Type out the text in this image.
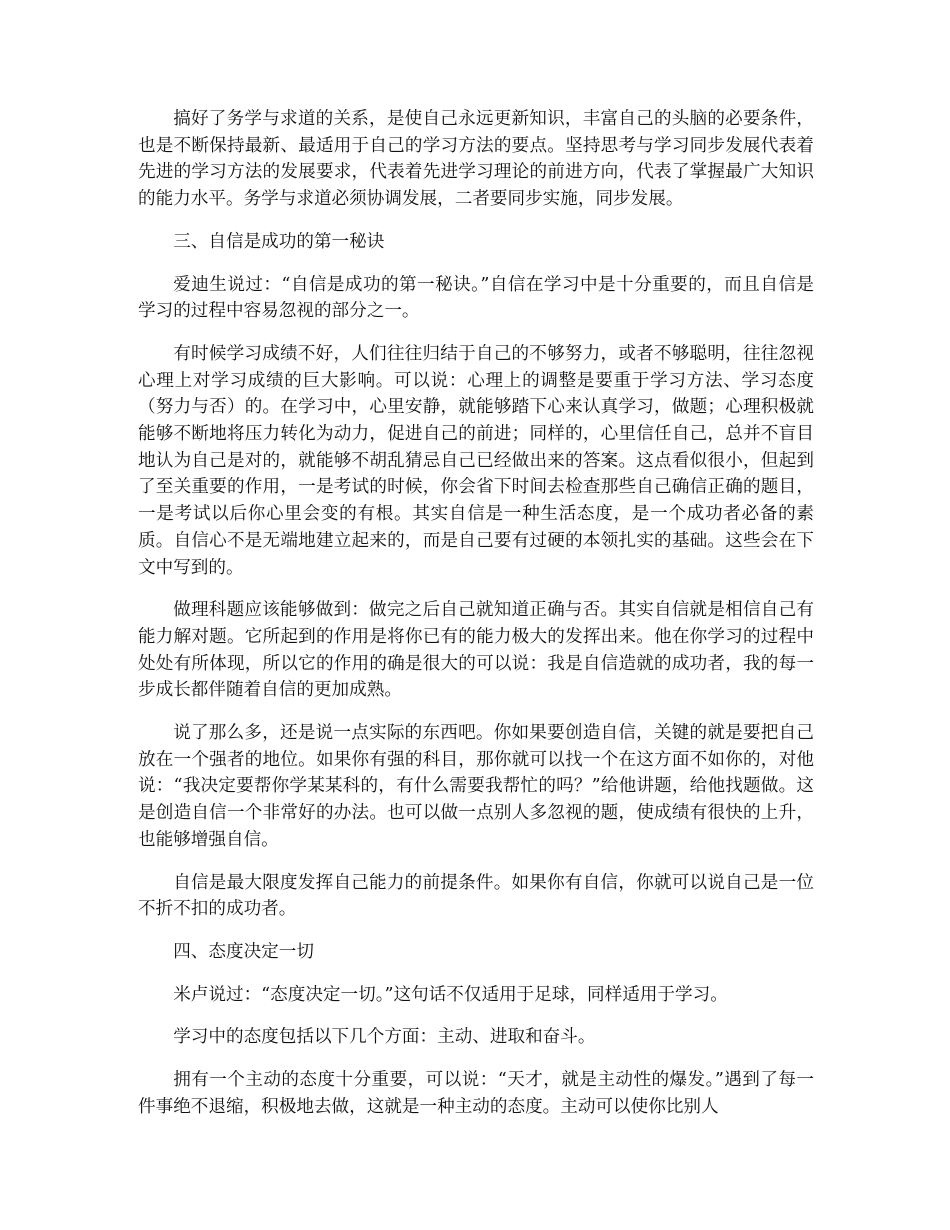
搞好了务学与求道的关系，是使自己永远更新知识，丰富自己的头脑的必要条件，也是不断保持最新、最适用于自己的学习方法的要点。坚持思考与学习同步发展代表着先进的学习方法的发展要求，代表着先进学习理论的前进方向，代表了掌握最广大知识的能力水平。务学与求道必须协调发展，二者要同步实施，同步发展。

三、自信是成功的第一秘诀

爱迪生说过：“自信是成功的第一秘诀。”自信在学习中是十分重要的，而且自信是学习的过程中容易忽视的部分之一。

有时候学习成绩不好，人们往往归结于自己的不够努力，或者不够聪明，往往忽视心理上对学习成绩的巨大影响。可以说：心理上的调整是要重于学习方法、学习态度（努力与否）的。在学习中，心里安静，就能够踏下心来认真学习，做题；心理积极就能够不断地将压力转化为动力，促进自己的前进；同样的，心里信任自己，总并不盲目地认为自己是对的，就能够不胡乱猜忌自己已经做出来的答案。这点看似很小，但起到了至关重要的作用，一是考试的时候，你会省下时间去检查那些自己确信正确的题目，一是考试以后你心里会变的有根。其实自信是一种生活态度，是一个成功者必备的素质。自信心不是无端地建立起来的，而是自己要有过硬的本领扎实的基础。这些会在下文中写到的。

做理科题应该能够做到：做完之后自己就知道正确与否。其实自信就是相信自己有能力解对题。它所起到的作用是将你已有的能力极大的发挥出来。他在你学习的过程中处处有所体现，所以它的作用的确是很大的可以说：我是自信造就的成功者，我的每一步成长都伴随着自信的更加成熟。

说了那么多，还是说一点实际的东西吧。你如果要创造自信，关键的就是要把自己放在一个强者的地位。如果你有强的科目，那你就可以找一个在这方面不如你的，对他说：“我决定要帮你学某某科的，有什么需要我帮忙的吗？”给他讲题，给他找题做。这是创造自信一个非常好的办法。也可以做一点别人多忽视的题，使成绩有很快的上升，也能够增强自信。

自信是最大限度发挥自己能力的前提条件。如果你有自信，你就可以说自己是一位不折不扣的成功者。

四、态度决定一切

米卢说过：“态度决定一切。”这句话不仅适用于足球，同样适用于学习。

学习中的态度包括以下几个方面：主动、进取和奋斗。

拥有一个主动的态度十分重要，可以说：“天才，就是主动性的爆发。”遇到了每一件事绝不退缩，积极地去做，这就是一种主动的态度。主动可以使你比别人
